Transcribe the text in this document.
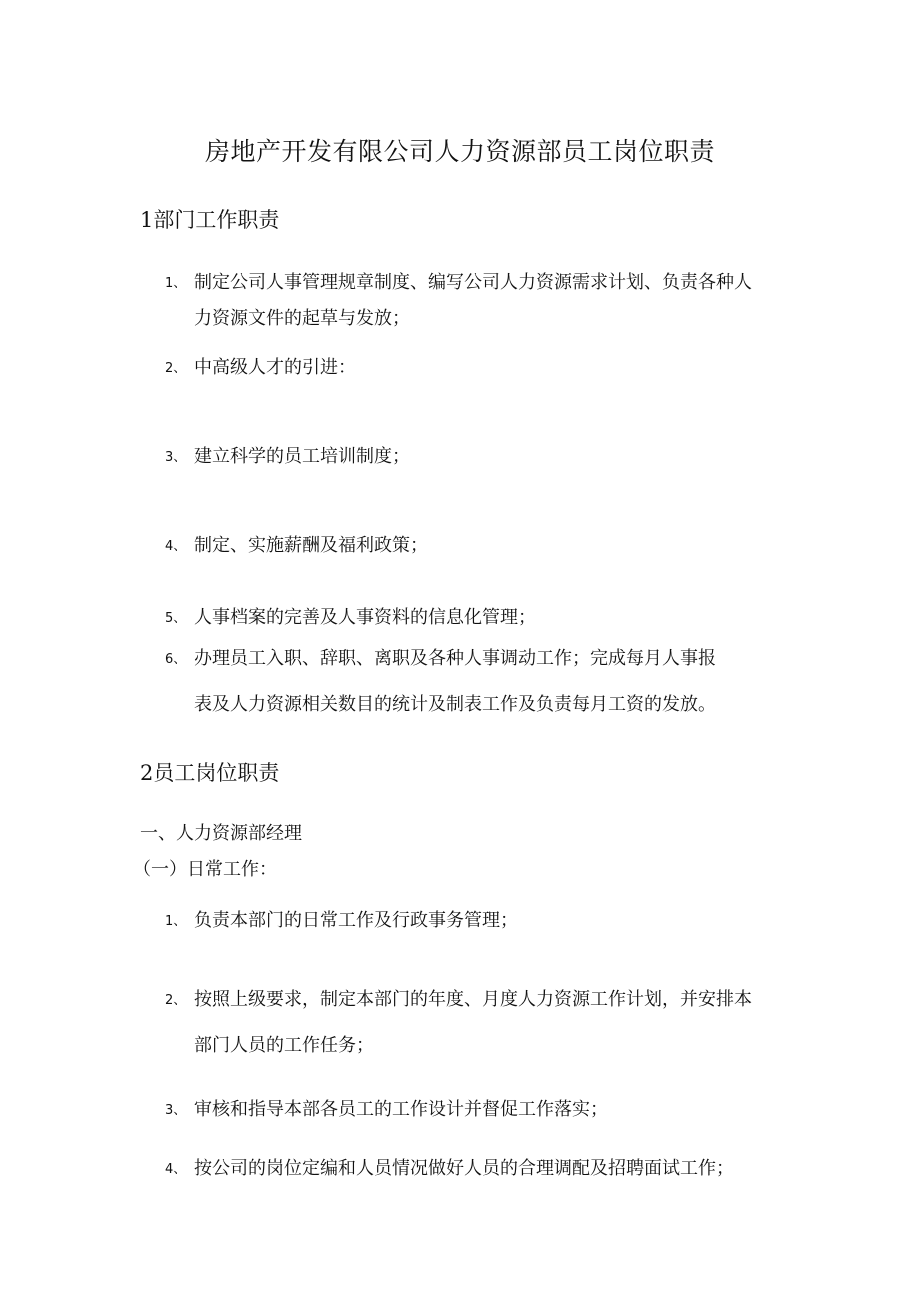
房地产开发有限公司人力资源部员工岗位职责
1部门工作职责
1、 制定公司人事管理规章制度、编写公司人力资源需求计划、负责各种人
力资源文件的起草与发放；
2、 中高级人才的引进：
3、 建立科学的员工培训制度；
4、 制定、实施薪酬及福利政策；
5、 人事档案的完善及人事资料的信息化管理；
6、 办理员工入职、辞职、离职及各种人事调动工作；完成每月人事报
表及人力资源相关数目的统计及制表工作及负责每月工资的发放。
2员工岗位职责
一、人力资源部经理
（一）日常工作：
1、 负责本部门的日常工作及行政事务管理；
2、 按照上级要求，制定本部门的年度、月度人力资源工作计划，并安排本
部门人员的工作任务；
3、 审核和指导本部各员工的工作设计并督促工作落实；
4、 按公司的岗位定编和人员情况做好人员的合理调配及招聘面试工作；
